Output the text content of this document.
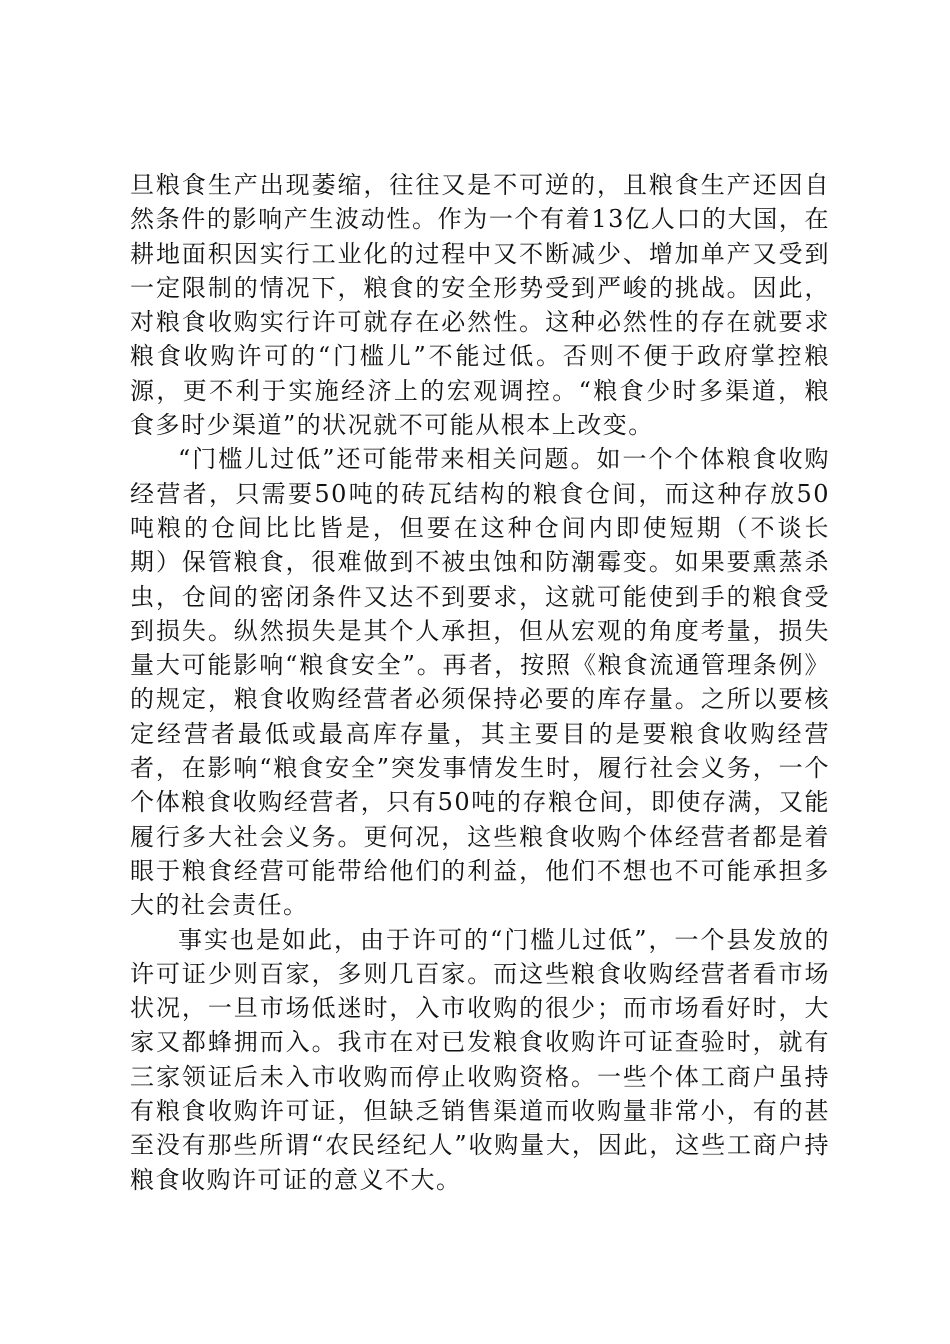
旦粮食生产出现萎缩，往往又是不可逆的，且粮食生产还因自然条件的影响产生波动性。作为一个有着13亿人口的大国，在耕地面积因实行工业化的过程中又不断减少、增加单产又受到一定限制的情况下，粮食的安全形势受到严峻的挑战。因此，对粮食收购实行许可就存在必然性。这种必然性的存在就要求粮食收购许可的“门槛儿”不能过低。否则不便于政府掌控粮源，更不利于实施经济上的宏观调控。“粮食少时多渠道，粮食多时少渠道”的状况就不可能从根本上改变。

“门槛儿过低”还可能带来相关问题。如一个个体粮食收购经营者，只需要50吨的砖瓦结构的粮食仓间，而这种存放50吨粮的仓间比比皆是，但要在这种仓间内即使短期（不谈长期）保管粮食，很难做到不被虫蚀和防潮霉变。如果要熏蒸杀虫，仓间的密闭条件又达不到要求，这就可能使到手的粮食受到损失。纵然损失是其个人承担，但从宏观的角度考量，损失量大可能影响“粮食安全”。再者，按照《粮食流通管理条例》的规定，粮食收购经营者必须保持必要的库存量。之所以要核定经营者最低或最高库存量，其主要目的是要粮食收购经营者，在影响“粮食安全”突发事情发生时，履行社会义务，一个个体粮食收购经营者，只有50吨的存粮仓间，即使存满，又能履行多大社会义务。更何况，这些粮食收购个体经营者都是着眼于粮食经营可能带给他们的利益，他们不想也不可能承担多大的社会责任。

事实也是如此，由于许可的“门槛儿过低”，一个县发放的许可证少则百家，多则几百家。而这些粮食收购经营者看市场状况，一旦市场低迷时，入市收购的很少；而市场看好时，大家又都蜂拥而入。我市在对已发粮食收购许可证查验时，就有三家领证后未入市收购而停止收购资格。一些个体工商户虽持有粮食收购许可证，但缺乏销售渠道而收购量非常小，有的甚至没有那些所谓“农民经纪人”收购量大，因此，这些工商户持粮食收购许可证的意义不大。
